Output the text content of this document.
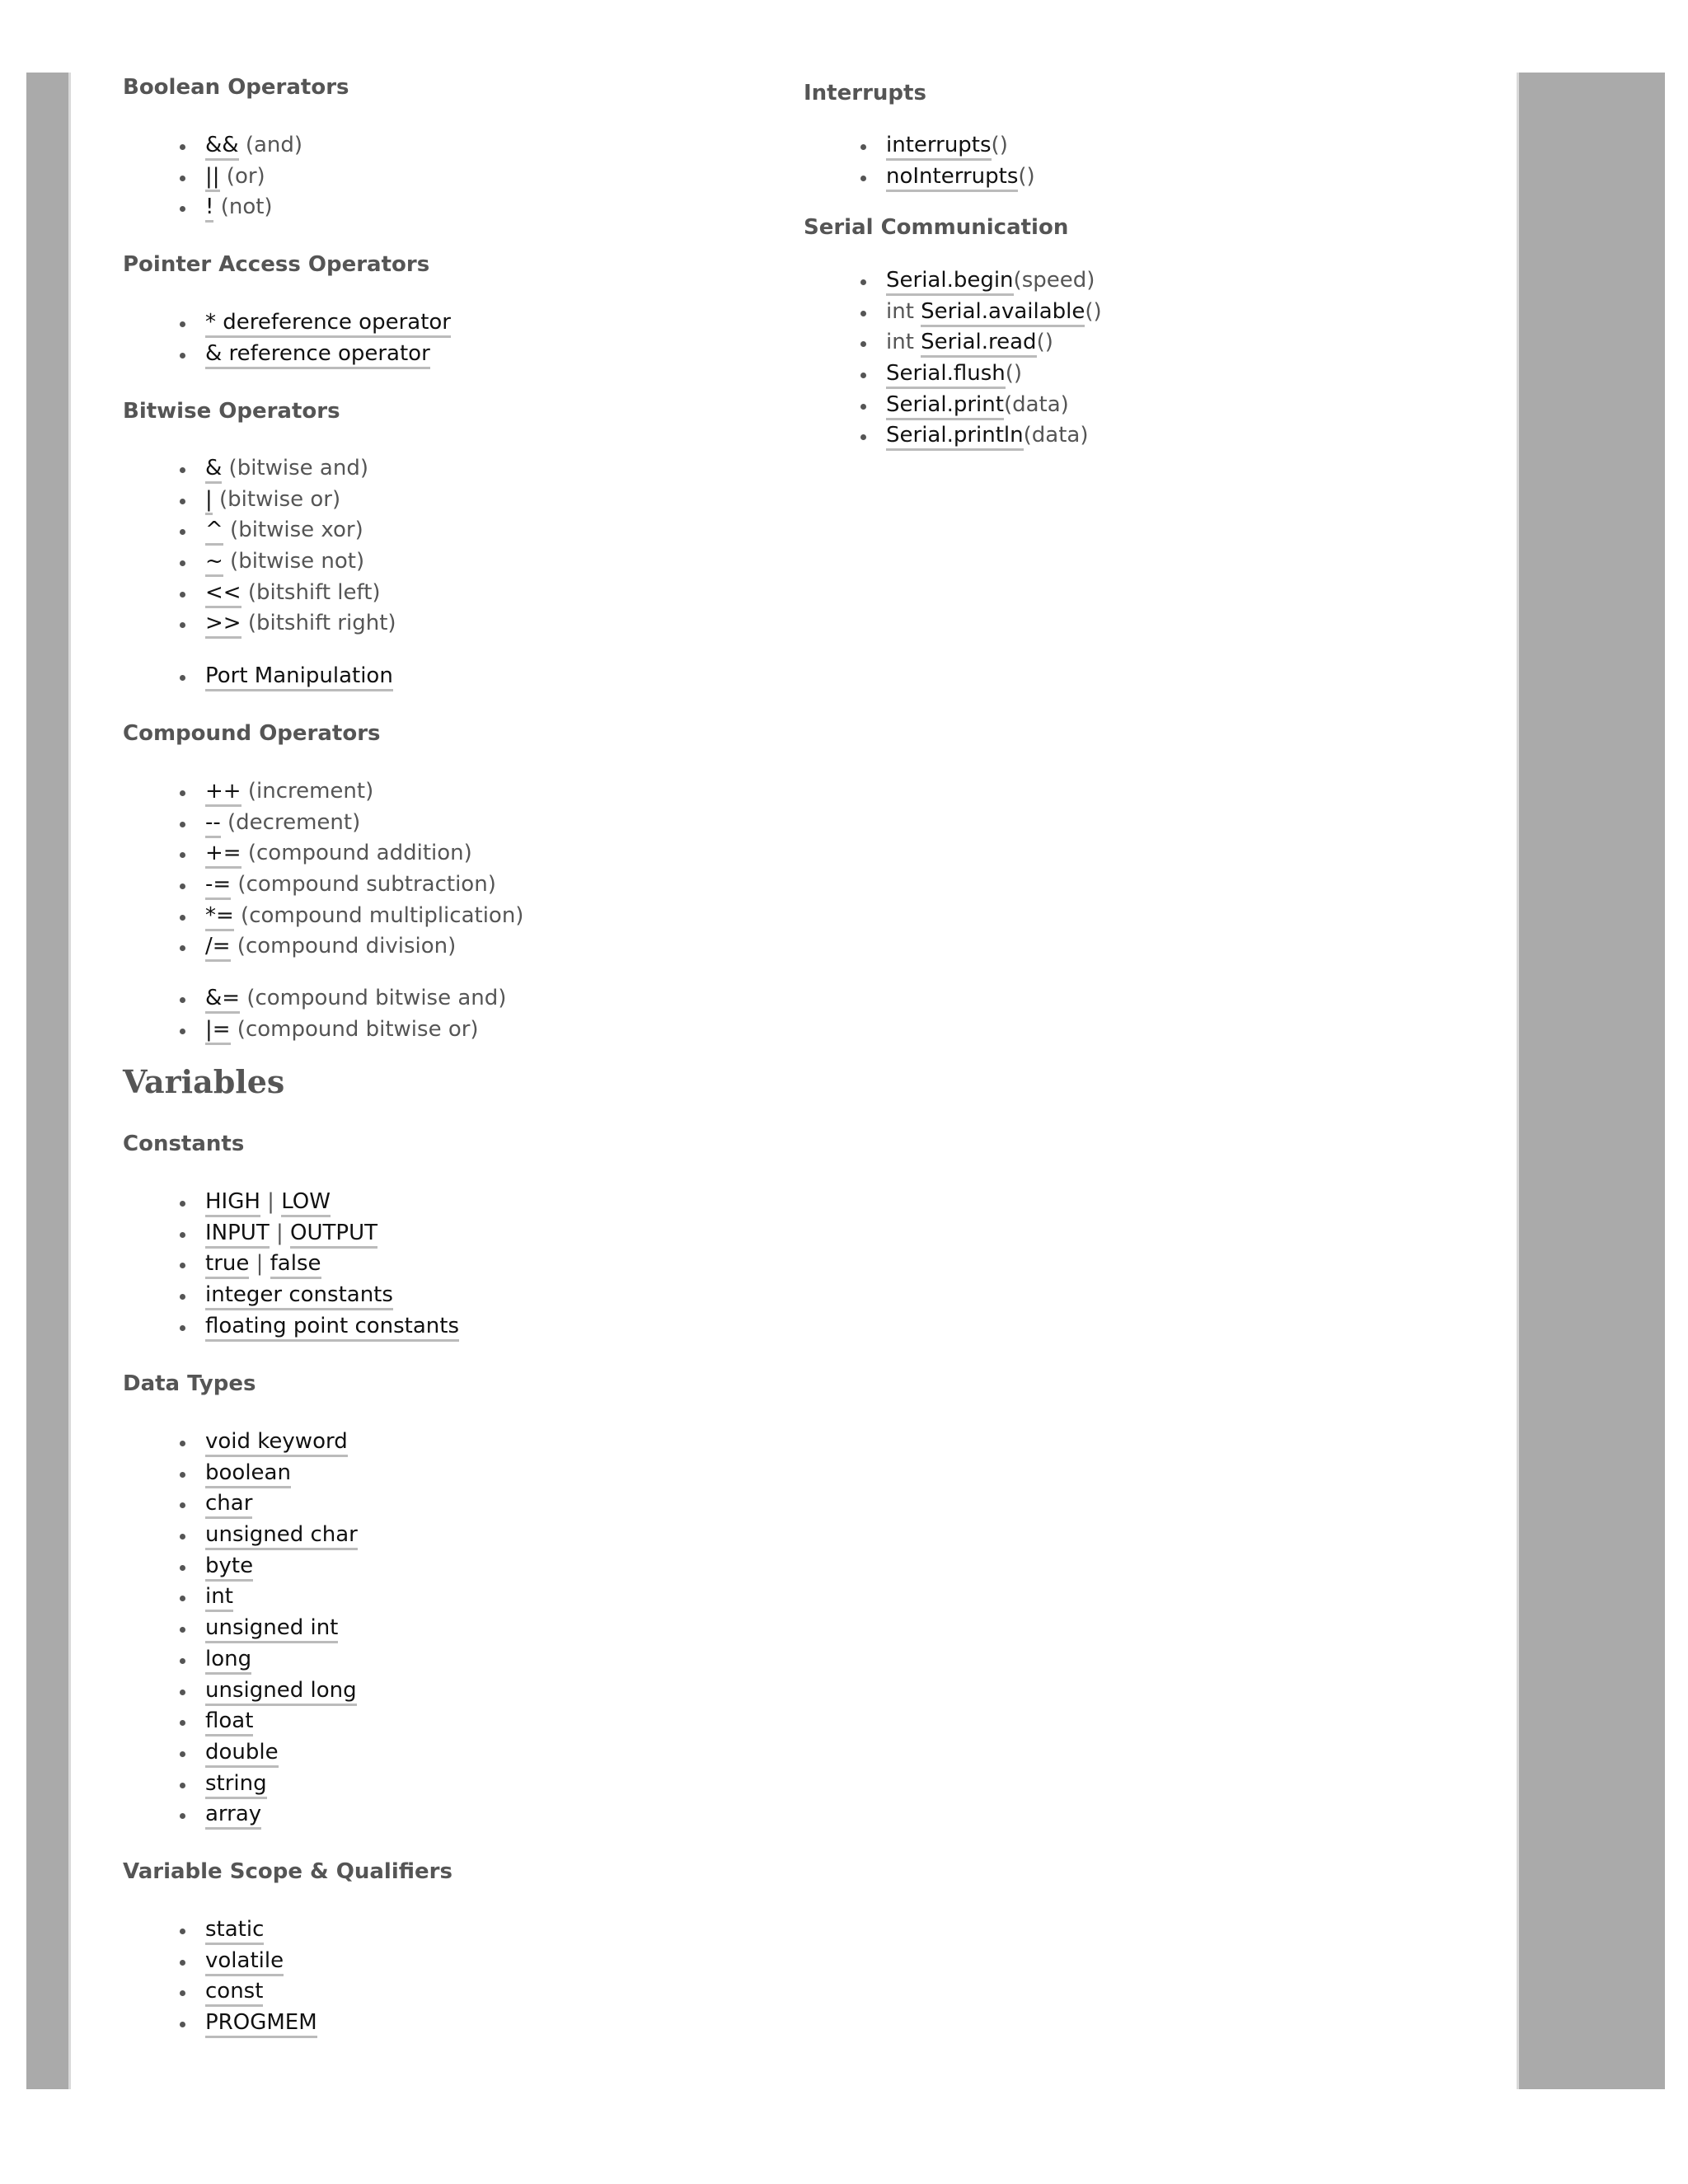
Boolean Operators
&& (and)
|| (or)
! (not)
Pointer Access Operators
* dereference operator
& reference operator
Bitwise Operators
& (bitwise and)
| (bitwise or)
^ (bitwise xor)
~ (bitwise not)
<< (bitshift left)
>> (bitshift right)
Port Manipulation
Compound Operators
++ (increment)
-- (decrement)
+= (compound addition)
-= (compound subtraction)
*= (compound multiplication)
/= (compound division)
&= (compound bitwise and)
|= (compound bitwise or)
Variables
Constants
HIGH | LOW
INPUT | OUTPUT
true | false
integer constants
floating point constants
Data Types
void keyword
boolean
char
unsigned char
byte
int
unsigned int
long
unsigned long
float
double
string
array
Variable Scope & Qualifiers
static
volatile
const
PROGMEM
Interrupts
interrupts()
noInterrupts()
Serial Communication
Serial.begin(speed)
int Serial.available()
int Serial.read()
Serial.flush()
Serial.print(data)
Serial.println(data)
